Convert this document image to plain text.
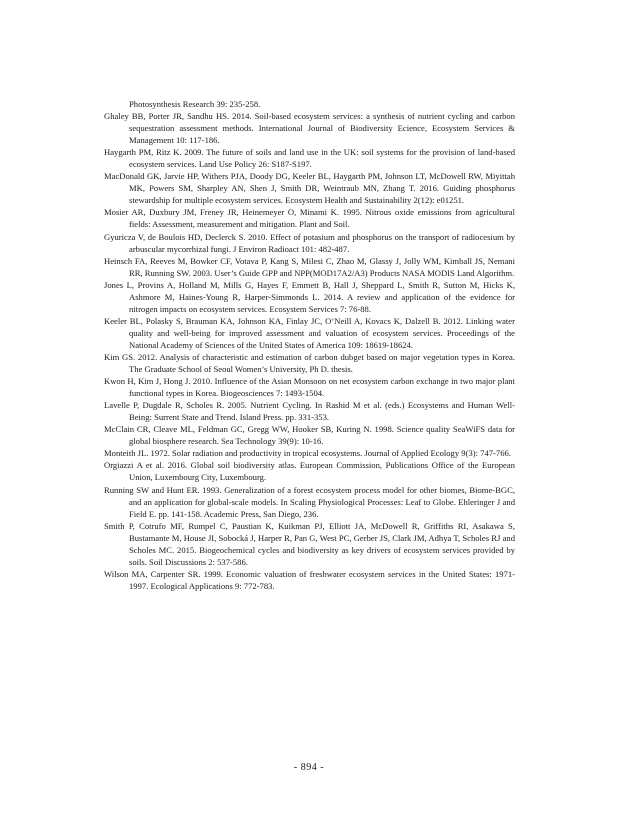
Photosynthesis Research 39: 235-258.

Ghaley BB, Porter JR, Sandhu HS. 2014. Soil-based ecosystem services: a synthesis of nutrient cycling and carbon sequestration assessment methods. International Journal of Biodiversity Ecience, Ecosystem Services & Management 10: 117-186.

Haygarth PM, Ritz K. 2009. The future of soils and land use in the UK: soil systems for the provision of land-based ecosystem services. Land Use Policy 26: S187-S197.

MacDonald GK, Jarvie HP, Withers PJA, Doody DG, Keeler BL, Haygarth PM, Johnson LT, McDowell RW, Miyittah MK, Powers SM, Sharpley AN, Shen J, Smith DR, Weintraub MN, Zhang T. 2016. Guiding phosphorus stewardship for multiple ecosystem services. Ecosystem Health and Sustainability 2(12): e01251.

Mosier AR, Duxbury JM, Freney JR, Heinemeyer O, Minami K. 1995. Nitrous oxide emissions from agricultural fields: Assessment, measurement and mitigation. Plant and Soil.

Gyuricza V, de Boulois HD, Declerck S. 2010. Effect of potasium and phosphorus on the transport of radiocesium by arbuscular mycorrhizal fungi. J Environ Radioact 101: 482-487.

Heinsch FA, Reeves M, Bowker CF, Votava P, Kang S, Milesi C, Zhao M, Glassy J, Jolly WM, Kimball JS, Nemani RR, Running SW. 2003. User’s Guide GPP and NPP(MOD17A2/A3) Products NASA MODIS Land Algorithm.

Jones L, Provins A, Holland M, Mills G, Hayes F, Emmett B, Hall J, Sheppard L, Smith R, Sutton M, Hicks K, Ashmore M, Haines-Young R, Harper-Simmonds L. 2014. A review and application of the evidence for nitrogen impacts on ecosystem services. Ecosystem Services 7: 76-88.

Keeler BL, Polasky S, Brauman KA, Johnson KA, Finlay JC, O’Neill A, Kovacs K, Dalzell B. 2012. Linking water quality and well-being for improved assessment and valuation of ecosystem services. Proceedings of the National Academy of Sciences of the United States of America 109: 18619-18624.

Kim GS. 2012. Analysis of characteristic and estimation of carbon dubget based on major vegetation types in Korea. The Graduate School of Seoul Women’s University, Ph D. thesis.

Kwon H, Kim J, Hong J. 2010. Influence of the Asian Monsoon on net ecosystem carbon exchange in two major plant functional types in Korea. Biogeosciences 7: 1493-1504.

Lavelle P, Dugdale R, Scholes R. 2005. Nutrient Cycling. In Rashid M et al. (eds.) Ecosystems and Human Well-Being: Surrent State and Trend. Island Press. pp. 331-353.

McClain CR, Cleave ML, Feldman GC, Gregg WW, Hooker SB, Kuring N. 1998. Science quality SeaWiFS data for global biosphere research. Sea Technology 39(9): 10-16.

Monteith JL. 1972. Solar radiation and productivity in tropical ecosystems. Journal of Applied Ecology 9(3): 747-766.

Orgiazzi A et al. 2016. Global soil biodiversity atlas. European Commission, Publications Office of the European Union, Luxembourg City, Luxembourg.

Running SW and Hunt ER. 1993. Generalization of a forest ecosystem process model for other biomes, Biome-BGC, and an application for global-scale models. In Scaling Physiological Processes: Leaf to Globe. Ehleringer J and Field E. pp. 141-158. Academic Press, San Diego, 236.

Smith P, Cotrufo MF, Rumpel C, Paustian K, Kuikman PJ, Elliott JA, McDowell R, Griffiths RI, Asakawa S, Bustamante M, House JI, Sobocká J, Harper R, Pan G, West PC, Gerber JS, Clark JM, Adhya T, Scholes RJ and Scholes MC. 2015. Biogeochemical cycles and biodiversity as key drivers of ecosystem services provided by soils. Soil Discussions 2: 537-586.

Wilson MA, Carpenter SR. 1999. Economic valuation of freshwater ecosystem services in the United States: 1971-1997. Ecological Applications 9: 772-783.

- 894 -
